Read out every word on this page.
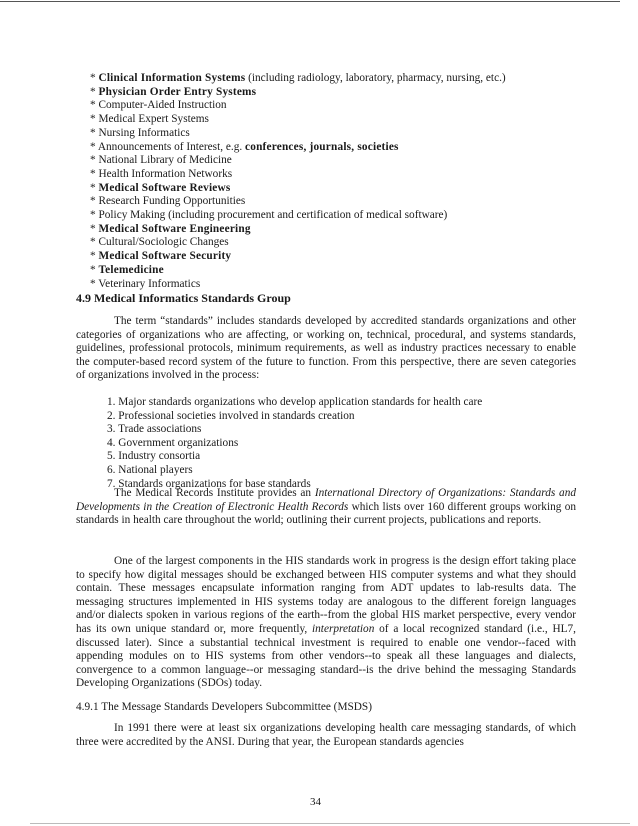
* Clinical Information Systems (including radiology, laboratory, pharmacy, nursing, etc.)
* Physician Order Entry Systems
* Computer-Aided Instruction
* Medical Expert Systems
* Nursing Informatics
* Announcements of Interest, e.g. conferences, journals, societies
* National Library of Medicine
* Health Information Networks
* Medical Software Reviews
* Research Funding Opportunities
* Policy Making (including procurement and certification of medical software)
* Medical Software Engineering
* Cultural/Sociologic Changes
* Medical Software Security
* Telemedicine
* Veterinary Informatics
4.9 Medical Informatics Standards Group
The term “standards” includes standards developed by accredited standards organizations and other categories of organizations who are affecting, or working on, technical, procedural, and systems standards, guidelines, professional protocols, minimum requirements, as well as industry practices necessary to enable the computer-based record system of the future to function. From this perspective, there are seven categories of organizations involved in the process:
1. Major standards organizations who develop application standards for health care
2. Professional societies involved in standards creation
3. Trade associations
4. Government organizations
5. Industry consortia
6. National players
7. Standards organizations for base standards
The Medical Records Institute provides an International Directory of Organizations: Standards and Developments in the Creation of Electronic Health Records which lists over 160 different groups working on standards in health care throughout the world; outlining their current projects, publications and reports.
One of the largest components in the HIS standards work in progress is the design effort taking place to specify how digital messages should be exchanged between HIS computer systems and what they should contain. These messages encapsulate information ranging from ADT updates to lab-results data. The messaging structures implemented in HIS systems today are analogous to the different foreign languages and/or dialects spoken in various regions of the earth--from the global HIS market perspective, every vendor has its own unique standard or, more frequently, interpretation of a local recognized standard (i.e., HL7, discussed later). Since a substantial technical investment is required to enable one vendor--faced with appending modules on to HIS systems from other vendors--to speak all these languages and dialects, convergence to a common language--or messaging standard--is the drive behind the messaging Standards Developing Organizations (SDOs) today.
4.9.1 The Message Standards Developers Subcommittee (MSDS)
In 1991 there were at least six organizations developing health care messaging standards, of which three were accredited by the ANSI. During that year, the European standards agencies
34
